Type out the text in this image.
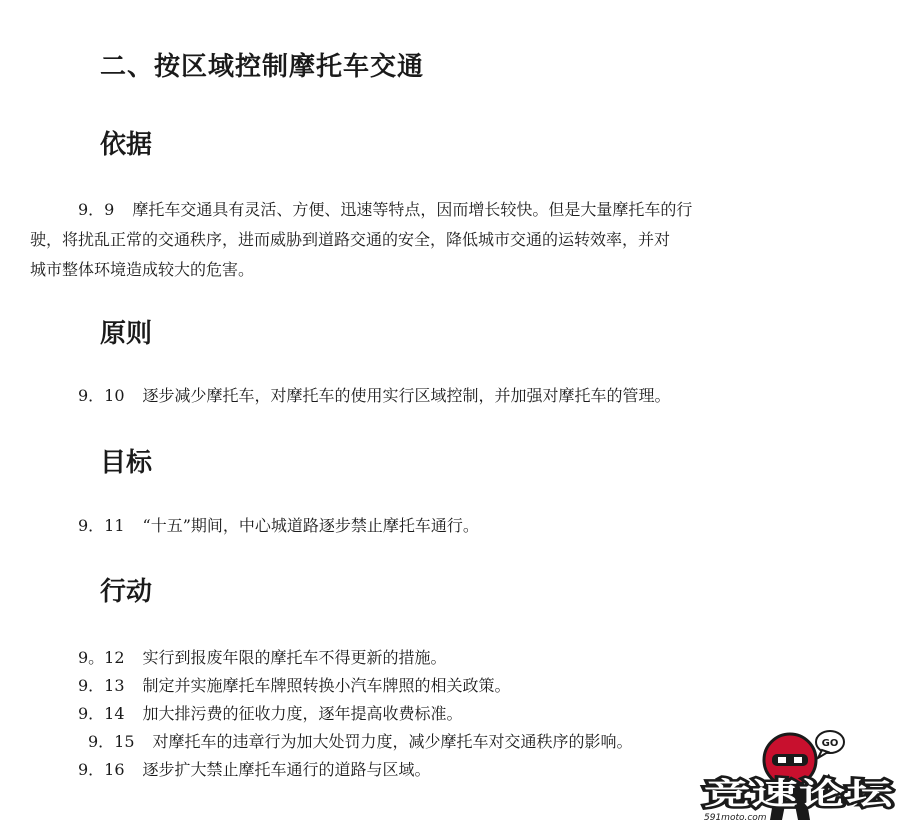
二、按区域控制摩托车交通
依据
9．9 摩托车交通具有灵活、方便、迅速等特点，因而增长较快。但是大量摩托车的行
驶，将扰乱正常的交通秩序，进而威胁到道路交通的安全，降低城市交通的运转效率，并对
城市整体环境造成较大的危害。
原则

9．10 逐步减少摩托车，对摩托车的使用实行区域控制，并加强对摩托车的管理。

目标

9．11 “十五”期间，中心城道路逐步禁止摩托车通行。

行动

9。12 实行到报废年限的摩托车不得更新的措施。

9．13 制定并实施摩托车牌照转换小汽车牌照的相关政策。

9．14 加大排污费的征收力度，逐年提高收费标准。

9．15 对摩托车的违章行为加大处罚力度，减少摩托车对交通秩序的影响。

9．16 逐步扩大禁止摩托车通行的道路与区域。

GO
竞速论坛
591moto.com
